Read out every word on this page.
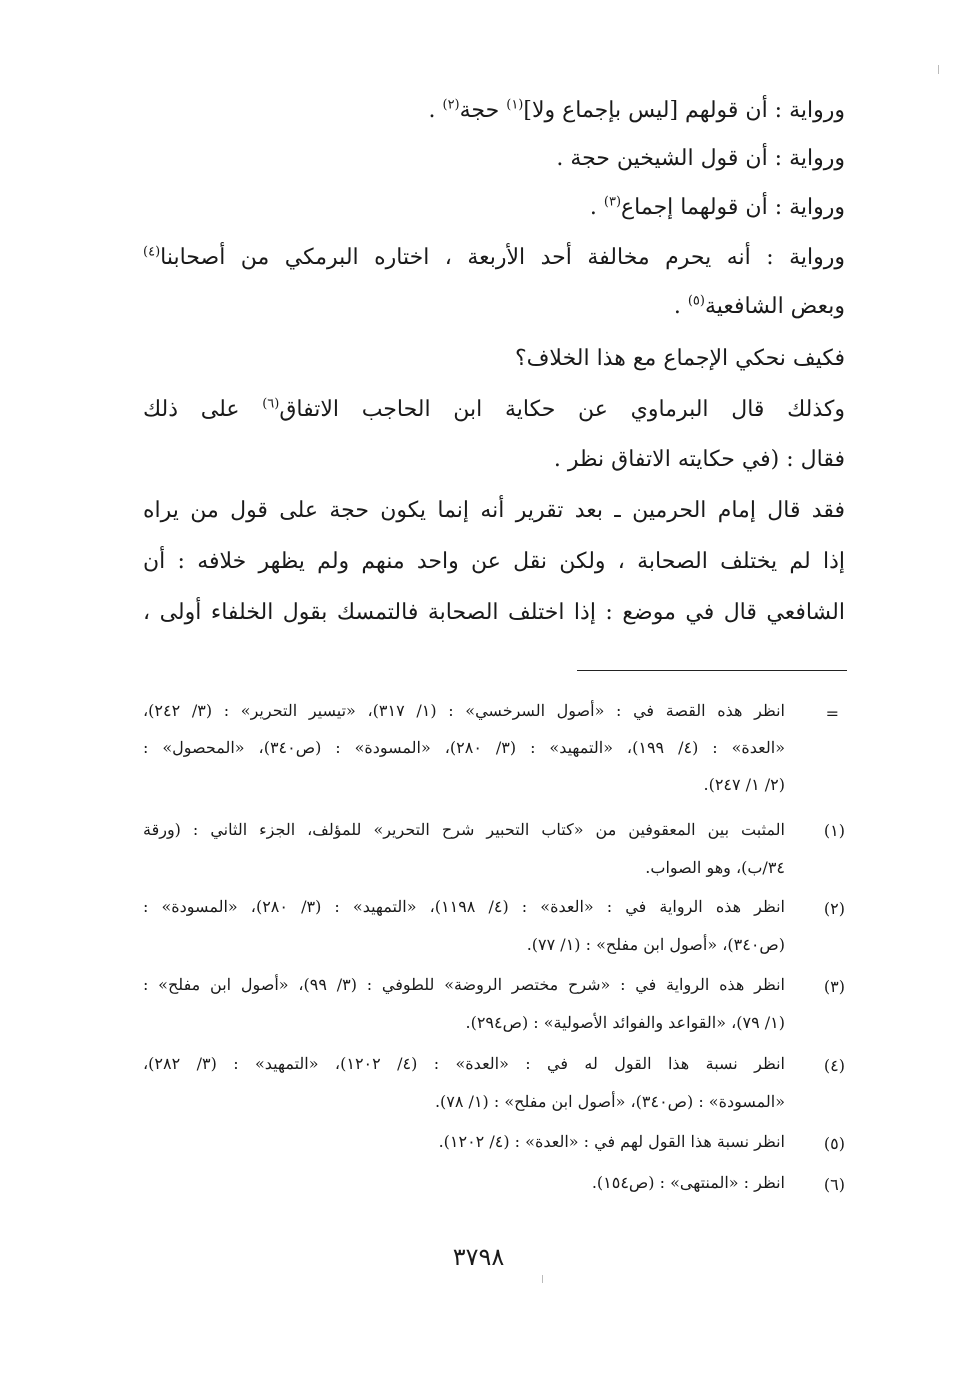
ورواية : أن قولهم [ليس بإجماع ولا]$^{(١)}$ حجة$^{(٢)}$ .

ورواية : أن قول الشيخين حجة .

ورواية : أن قولهما إجماع$^{(٣)}$ .

ورواية : أنه يحرم مخالفة أحد الأربعة ، اختاره البرمكي من أصحابنا$^{(٤)}$

وبعض الشافعية$^{(٥)}$ .

فكيف نحكي الإجماع مع هذا الخلاف؟

وكذلك قال البرماوي عن حكاية ابن الحاجب الاتفاق$^{(٦)}$ على ذلك

فقال : (في حكايته الاتفاق نظر .

فقد قال إمام الحرمين ـ بعد تقرير أنه إنما يكون حجة على قول من يراه

إذا لم يختلف الصحابة ، ولكن نقل عن واحد منهم ولم يظهر خلافه : أن

الشافعي قال في موضع : إذا اختلف الصحابة فالتمسك بقول الخلفاء أولى ،

=

انظر هذه القصة في : «أصول السرخسي» : (١/ ٣١٧)، «تيسير التحرير» : (٣/ ٢٤٢)،

«العدة» : (٤/ ١٩٩)، «التمهيد» : (٣/ ٢٨٠)، «المسودة» : (ص٣٤٠)، «المحصول» :

(٢/ ١/ ٢٤٧).

(١)

المثبت بين المعقوفين من «كتاب التحبير شرح التحرير» للمؤلف، الجزء الثاني : (ورقة

٣٤/ب)، وهو الصواب.

(٢)

انظر هذه الرواية في : «العدة» : (٤/ ١١٩٨)، «التمهيد» : (٣/ ٢٨٠)، «المسودة» :

(ص٣٤٠)، «أصول ابن مفلح» : (١/ ٧٧).

(٣)

انظر هذه الرواية في : «شرح مختصر الروضة» للطوفي : (٣/ ٩٩)، «أصول ابن مفلح» :

(١/ ٧٩)، «القواعد والفوائد الأصولية» : (ص٢٩٤).

(٤)

انظر نسبة هذا القول له في : «العدة» : (٤/ ١٢٠٢)، «التمهيد» : (٣/ ٢٨٢)،

«المسودة» : (ص٣٤٠)، «أصول ابن مفلح» : (١/ ٧٨).

(٥)

انظر نسبة هذا القول لهم في : «العدة» : (٤/ ١٢٠٢).

(٦)

انظر : «المنتهى» : (ص١٥٤).

٣٧٩٨
